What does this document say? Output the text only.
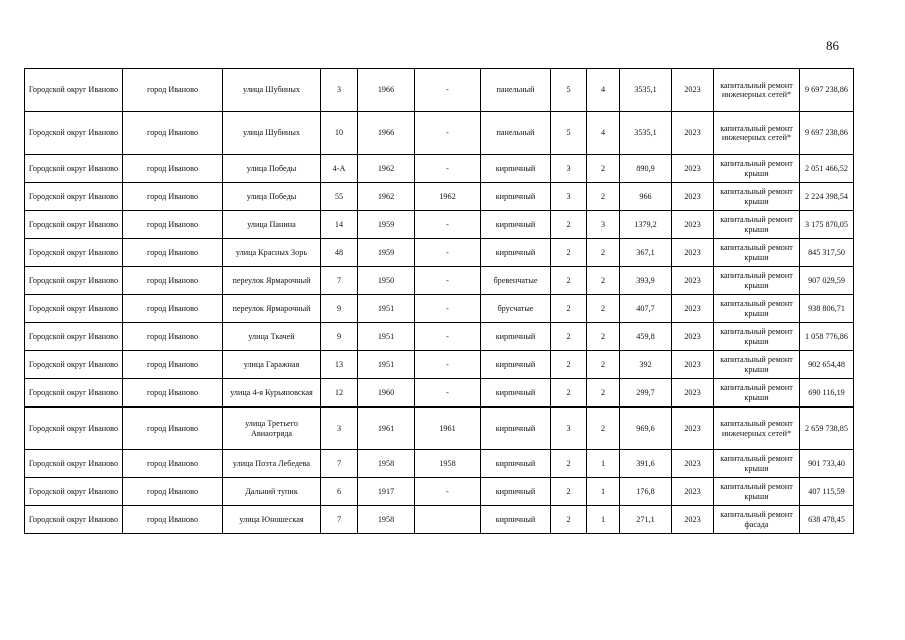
86
Городской округ Иваново	город Иваново	улица Шубиных	3	1966	-	панельный	5	4	3535,1	2023	капитальный ремонт инженерных сетей*	9 697 238,86
Городской округ Иваново	город Иваново	улица Шубиных	10	1966	-	панельный	5	4	3535,1	2023	капитальный ремонт инженерных сетей*	9 697 238,86
Городской округ Иваново	город Иваново	улица Победы	4-А	1962	-	кирпичный	3	2	890,9	2023	капитальный ремонт крыши	2 051 466,52
Городской округ Иваново	город Иваново	улица Победы	55	1962	1962	кирпичный	3	2	966	2023	капитальный ремонт крыши	2 224 398,54
Городской округ Иваново	город Иваново	улица Панина	14	1959	-	кирпичный	2	3	1379,2	2023	капитальный ремонт крыши	3 175 870,05
Городской округ Иваново	город Иваново	улица Красных Зорь	48	1959	-	кирпичный	2	2	367,1	2023	капитальный ремонт крыши	845 317,50
Городской округ Иваново	город Иваново	переулок Ярмарочный	7	1950	-	бревенчатые	2	2	393,9	2023	капитальный ремонт крыши	907 029,59
Городской округ Иваново	город Иваново	переулок Ярмарочный	9	1951	-	брусчатые	2	2	407,7	2023	капитальный ремонт крыши	938 806,71
Городской округ Иваново	город Иваново	улица Ткачей	9	1951	-	кирпичный	2	2	459,8	2023	капитальный ремонт крыши	1 058 776,86
Городской округ Иваново	город Иваново	улица Гаражная	13	1951	-	кирпичный	2	2	392	2023	капитальный ремонт крыши	902 654,48
Городской округ Иваново	город Иваново	улица 4-я Курьяновская	12	1960	-	кирпичный	2	2	299,7	2023	капитальный ремонт крыши	690 116,19
Городской округ Иваново	город Иваново	улица Третьего Авиаотряда	3	1961	1961	кирпичный	3	2	969,6	2023	капитальный ремонт инженерных сетей*	2 659 738,85
Городской округ Иваново	город Иваново	улица Поэта Лебедева	7	1958	1958	кирпичный	2	1	391,6	2023	капитальный ремонт крыши	901 733,40
Городской округ Иваново	город Иваново	Дальний тупик	6	1917	-	кирпичный	2	1	176,8	2023	капитальный ремонт крыши	407 115,59
Городской округ Иваново	город Иваново	улица Юношеская	7	1958		кирпичный	2	1	271,1	2023	капитальный ремонт фасада	638 478,45
